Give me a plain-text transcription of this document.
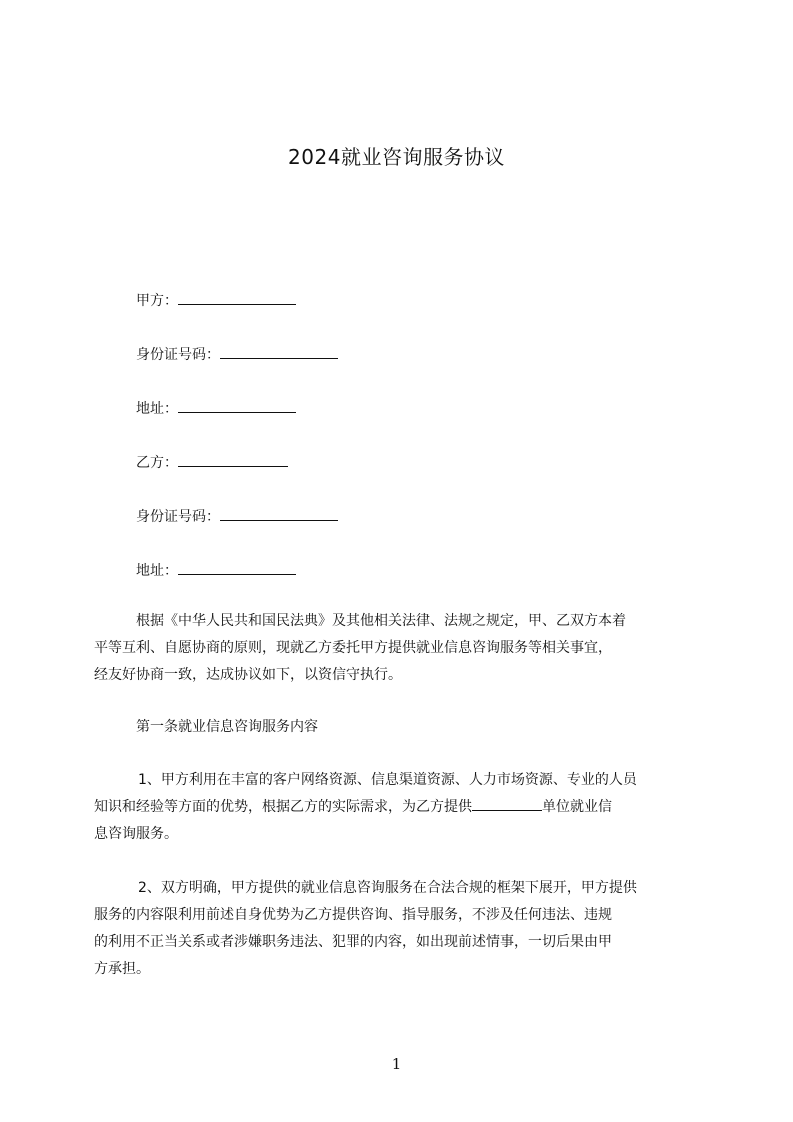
2024就业咨询服务协议
甲方：
身份证号码：
地址：
乙方：
身份证号码：
地址：
根据《中华人民共和国民法典》及其他相关法律、法规之规定，甲、乙双方本着
平等互利、自愿协商的原则，现就乙方委托甲方提供就业信息咨询服务等相关事宜，
经友好协商一致，达成协议如下，以资信守执行。
第一条就业信息咨询服务内容
1、甲方利用在丰富的客户网络资源、信息渠道资源、人力市场资源、专业的人员
知识和经验等方面的优势，根据乙方的实际需求，为乙方提供	单位就业信
息咨询服务。
2、双方明确，甲方提供的就业信息咨询服务在合法合规的框架下展开，甲方提供
服务的内容限利用前述自身优势为乙方提供咨询、指导服务，不涉及任何违法、违规
的利用不正当关系或者涉嫌职务违法、犯罪的内容，如出现前述情事，一切后果由甲
方承担。
1
